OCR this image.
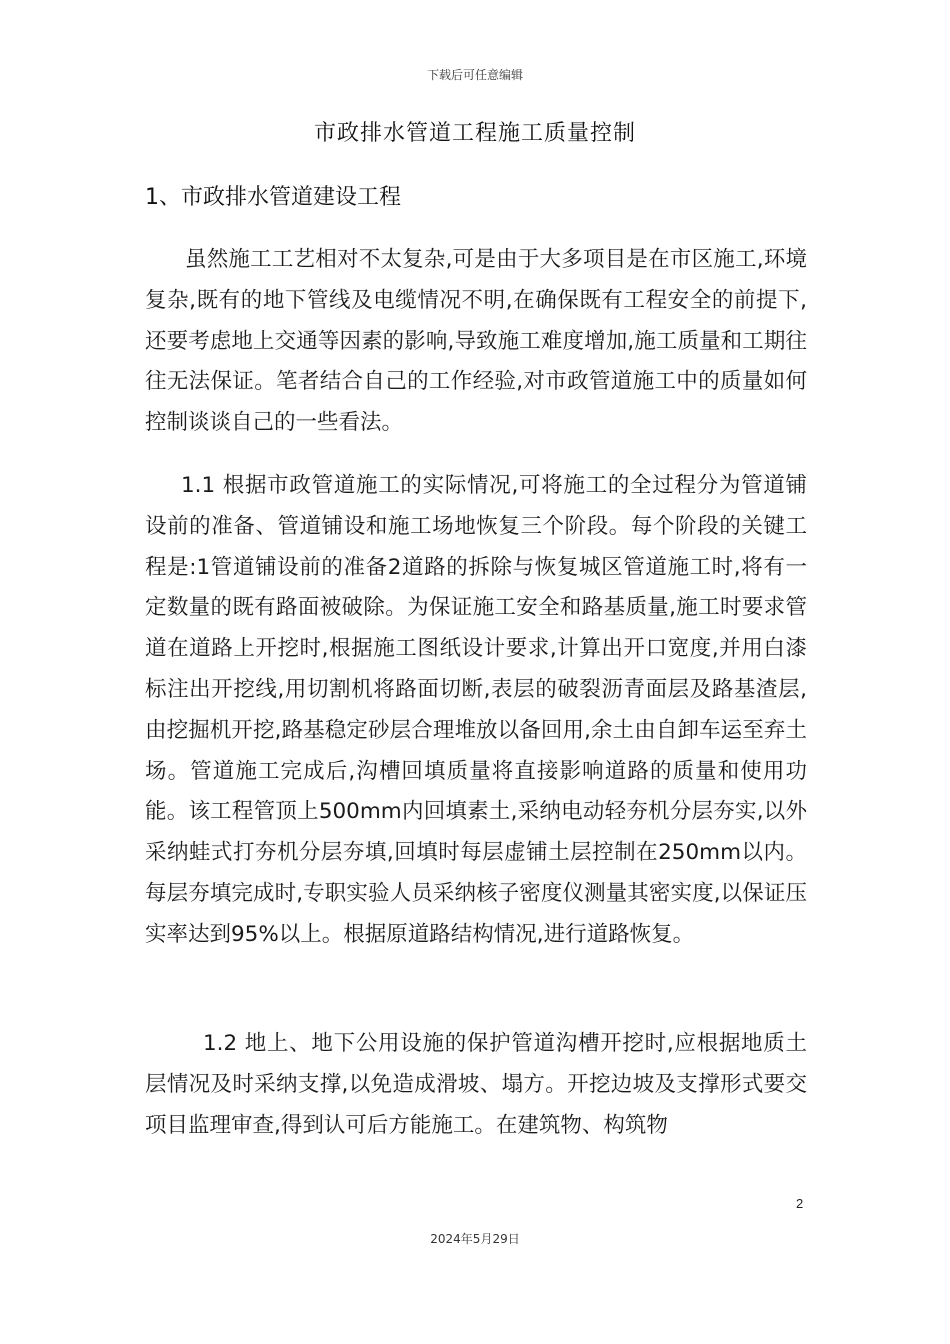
下载后可任意编辑
市政排水管道工程施工质量控制
1、市政排水管道建设工程

虽然施工工艺相对不太复杂,可是由于大多项目是在市区施工,环境复杂,既有的地下管线及电缆情况不明,在确保既有工程安全的前提下,还要考虑地上交通等因素的影响,导致施工难度增加,施工质量和工期往往无法保证。笔者结合自己的工作经验,对市政管道施工中的质量如何控制谈谈自己的一些看法。

1.1 根据市政管道施工的实际情况,可将施工的全过程分为管道铺设前的准备、管道铺设和施工场地恢复三个阶段。每个阶段的关键工程是:1管道铺设前的准备2道路的拆除与恢复城区管道施工时,将有一定数量的既有路面被破除。为保证施工安全和路基质量,施工时要求管道在道路上开挖时,根据施工图纸设计要求,计算出开口宽度,并用白漆标注出开挖线,用切割机将路面切断,表层的破裂沥青面层及路基渣层,由挖掘机开挖,路基稳定砂层合理堆放以备回用,余土由自卸车运至弃土场。管道施工完成后,沟槽回填质量将直接影响道路的质量和使用功能。该工程管顶上500mm内回填素土,采纳电动轻夯机分层夯实,以外采纳蛙式打夯机分层夯填,回填时每层虚铺土层控制在250mm以内。每层夯填完成时,专职实验人员采纳核子密度仪测量其密实度,以保证压实率达到95%以上。根据原道路结构情况,进行道路恢复。

1.2 地上、地下公用设施的保护管道沟槽开挖时,应根据地质土层情况及时采纳支撑,以免造成滑坡、塌方。开挖边坡及支撑形式要交项目监理审查,得到认可后方能施工。在建筑物、构筑物

2
2024年5月29日
